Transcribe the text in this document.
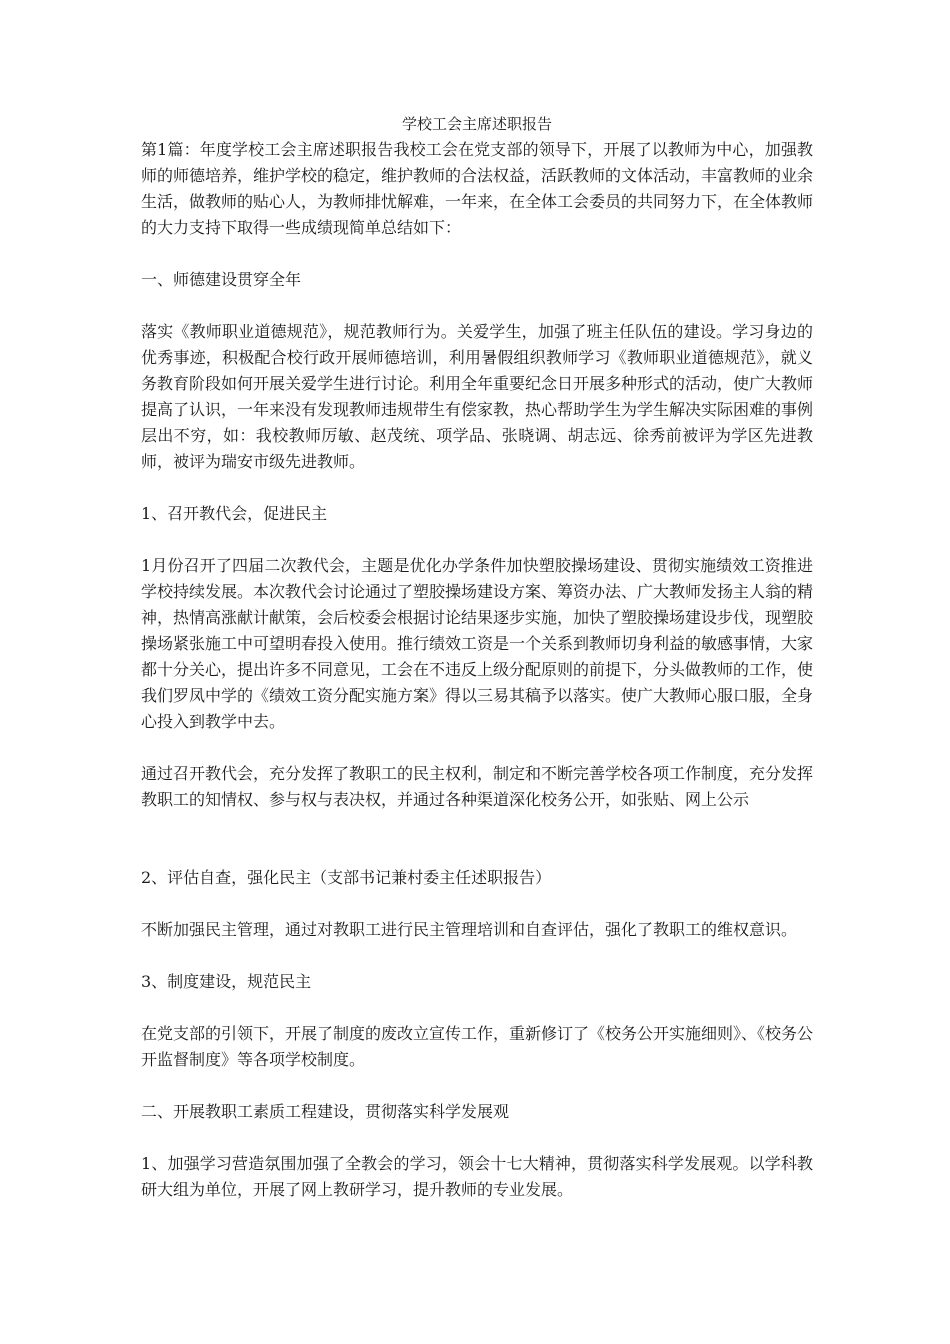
学校工会主席述职报告

第1篇：年度学校工会主席述职报告我校工会在党支部的领导下，开展了以教师为中心，加强教师的师德培养，维护学校的稳定，维护教师的合法权益，活跃教师的文体活动，丰富教师的业余生活，做教师的贴心人，为教师排忧解难，一年来，在全体工会委员的共同努力下，在全体教师的大力支持下取得一些成绩现简单总结如下：

一、师德建设贯穿全年

落实《教师职业道德规范》，规范教师行为。关爱学生，加强了班主任队伍的建设。学习身边的优秀事迹，积极配合校行政开展师德培训，利用暑假组织教师学习《教师职业道德规范》，就义务教育阶段如何开展关爱学生进行讨论。利用全年重要纪念日开展多种形式的活动，使广大教师提高了认识，一年来没有发现教师违规带生有偿家教，热心帮助学生为学生解决实际困难的事例层出不穷，如：我校教师厉敏、赵茂统、项学品、张晓调、胡志远、徐秀前被评为学区先进教师，被评为瑞安市级先进教师。

1、召开教代会，促进民主

1月份召开了四届二次教代会，主题是优化办学条件加快塑胶操场建设、贯彻实施绩效工资推进学校持续发展。本次教代会讨论通过了塑胶操场建设方案、筹资办法、广大教师发扬主人翁的精神，热情高涨献计献策，会后校委会根据讨论结果逐步实施，加快了塑胶操场建设步伐，现塑胶操场紧张施工中可望明春投入使用。推行绩效工资是一个关系到教师切身利益的敏感事情，大家都十分关心，提出许多不同意见，工会在不违反上级分配原则的前提下，分头做教师的工作，使我们罗凤中学的《绩效工资分配实施方案》得以三易其稿予以落实。使广大教师心服口服，全身心投入到教学中去。

通过召开教代会，充分发挥了教职工的民主权利，制定和不断完善学校各项工作制度，充分发挥教职工的知情权、参与权与表决权，并通过各种渠道深化校务公开，如张贴、网上公示

2、评估自查，强化民主（支部书记兼村委主任述职报告）

不断加强民主管理，通过对教职工进行民主管理培训和自查评估，强化了教职工的维权意识。

3、制度建设，规范民主

在党支部的引领下，开展了制度的废改立宣传工作，重新修订了《校务公开实施细则》、《校务公开监督制度》等各项学校制度。

二、开展教职工素质工程建设，贯彻落实科学发展观

1、加强学习营造氛围加强了全教会的学习，领会十七大精神，贯彻落实科学发展观。以学科教研大组为单位，开展了网上教研学习，提升教师的专业发展。
